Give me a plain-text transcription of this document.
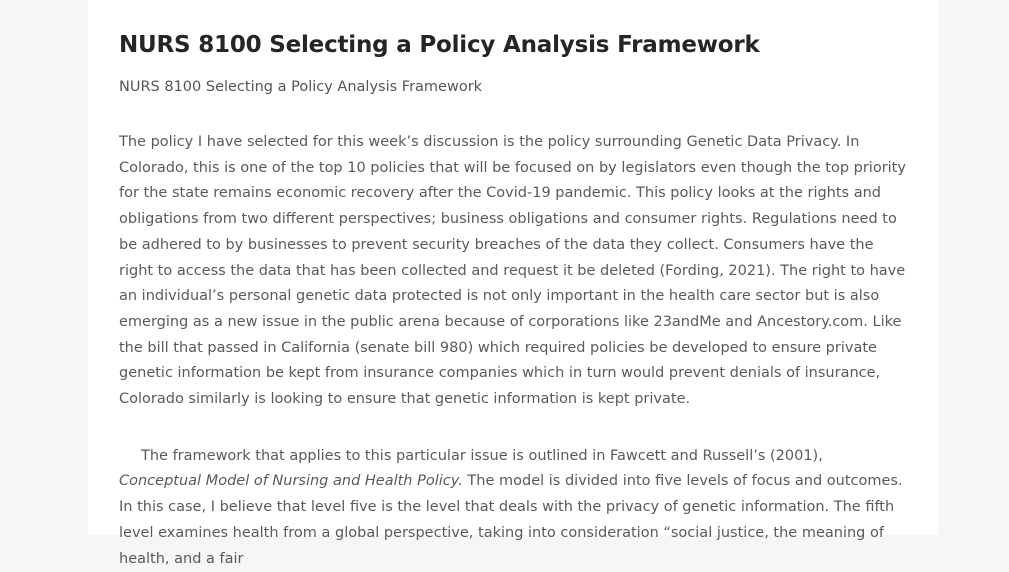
NURS 8100 Selecting a Policy Analysis Framework

NURS 8100 Selecting a Policy Analysis Framework

The policy I have selected for this week’s discussion is the policy surrounding Genetic Data Privacy. In Colorado, this is one of the top 10 policies that will be focused on by legislators even though the top priority for the state remains economic recovery after the Covid-19 pandemic. This policy looks at the rights and obligations from two different perspectives; business obligations and consumer rights. Regulations need to be adhered to by businesses to prevent security breaches of the data they collect. Consumers have the right to access the data that has been collected and request it be deleted (Fording, 2021). The right to have an individual’s personal genetic data protected is not only important in the health care sector but is also emerging as a new issue in the public arena because of corporations like 23andMe and Ancestory.com. Like the bill that passed in California (senate bill 980) which required policies be developed to ensure private genetic information be kept from insurance companies which in turn would prevent denials of insurance, Colorado similarly is looking to ensure that genetic information is kept private.

The framework that applies to this particular issue is outlined in Fawcett and Russell’s (2001), Conceptual Model of Nursing and Health Policy. The model is divided into five levels of focus and outcomes. In this case, I believe that level five is the level that deals with the privacy of genetic information. The fifth level examines health from a global perspective, taking into consideration “social justice, the meaning of health, and a fair
